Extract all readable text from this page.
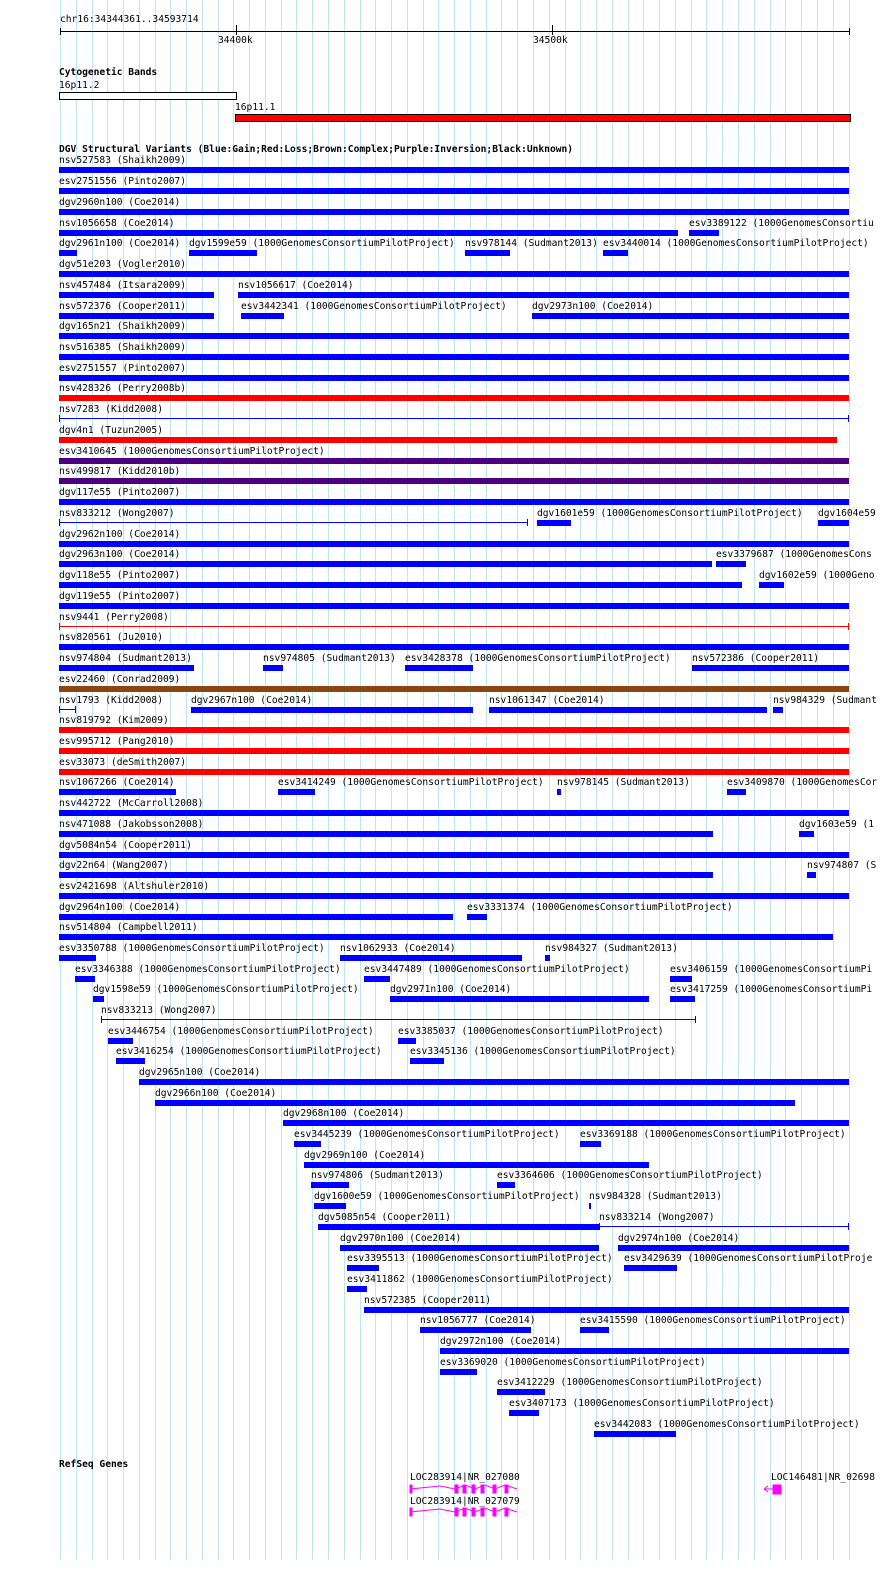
chr16:34344361..34593714
34400k	34500k
Cytogenetic Bands
16p11.2
16p11.1
DGV Structural Variants (Blue:Gain;Red:Loss;Brown:Complex;Purple:Inversion;Black:Unknown)
nsv527583 (Shaikh2009)
esv2751556 (Pinto2007)
dgv2960n100 (Coe2014)
nsv1056658 (Coe2014)	esv3389122 (1000GenomesConsortiu
dgv2961n100 (Coe2014) dgv1599e59 (1000GenomesConsortiumPilotProject) nsv978144 (Sudmant2013) esv3440014 (1000GenomesConsortiumPilotProject)
dgv51e203 (Vogler2010)
nsv457484 (Itsara2009)	nsv1056617 (Coe2014)
nsv572376 (Cooper2011)	esv3442341 (1000GenomesConsortiumPilotProject)	dgv2973n100 (Coe2014)
dgv165n21 (Shaikh2009)
nsv516385 (Shaikh2009)
esv2751557 (Pinto2007)
nsv428326 (Perry2008b)
nsv7283 (Kidd2008)
dgv4n1 (Tuzun2005)
esv3410645 (1000GenomesConsortiumPilotProject)
nsv499817 (Kidd2010b)
dgv117e55 (Pinto2007)
nsv833212 (Wong2007)	dgv1601e59 (1000GenomesConsortiumPilotProject) dgv1604e59
dgv2962n100 (Coe2014)
dgv2963n100 (Coe2014)	esv3379687 (1000GenomesCons
dgv118e55 (Pinto2007)	dgv1602e59 (1000Geno
dgv119e55 (Pinto2007)
nsv9441 (Perry2008)
nsv820561 (Ju2010)
nsv974804 (Sudmant2013)	nsv974805 (Sudmant2013) esv3428378 (1000GenomesConsortiumPilotProject) nsv572386 (Cooper2011)
esv22460 (Conrad2009)
nsv1793 (Kidd2008)	dgv2967n100 (Coe2014)	nsv1061347 (Coe2014)	nsv984329 (Sudmant
nsv819792 (Kim2009)
esv995712 (Pang2010)
esv33073 (deSmith2007)
nsv1067266 (Coe2014)	esv3414249 (1000GenomesConsortiumPilotProject) nsv978145 (Sudmant2013)	esv3409870 (1000GenomesCor
nsv442722 (McCarroll2008)
nsv471088 (Jakobsson2008)	dgv1603e59 (1
dgv5084n54 (Cooper2011)
dgv22n64 (Wang2007)	nsv974807 (S
esv2421698 (Altshuler2010)
dgv2964n100 (Coe2014)	esv3331374 (1000GenomesConsortiumPilotProject)
nsv514804 (Campbell2011)
esv3350788 (1000GenomesConsortiumPilotProject) nsv1062933 (Coe2014)	nsv984327 (Sudmant2013)
esv3346388 (1000GenomesConsortiumPilotProject) esv3447489 (1000GenomesConsortiumPilotProject)	esv3406159 (1000GenomesConsortiumPi
dgv1598e59 (1000GenomesConsortiumPilotProject)	dgv2971n100 (Coe2014)	esv3417259 (1000GenomesConsortiumPi
nsv833213 (Wong2007)
esv3446754 (1000GenomesConsortiumPilotProject)	esv3385037 (1000GenomesConsortiumPilotProject)
esv3416254 (1000GenomesConsortiumPilotProject)	esv3345136 (1000GenomesConsortiumPilotProject)
dgv2965n100 (Coe2014)
dgv2966n100 (Coe2014)
dgv2968n100 (Coe2014)
esv3445239 (1000GenomesConsortiumPilotProject) esv3369188 (1000GenomesConsortiumPilotProject)
dgv2969n100 (Coe2014)
nsv974806 (Sudmant2013)	esv3364606 (1000GenomesConsortiumPilotProject)
dgv1600e59 (1000GenomesConsortiumPilotProject) nsv984328 (Sudmant2013)
dgv5085n54 (Cooper2011)	nsv833214 (Wong2007)
dgv2970n100 (Coe2014)	dgv2974n100 (Coe2014)
esv3395513 (1000GenomesConsortiumPilotProject) esv3429639 (1000GenomesConsortiumPilotProje
esv3411862 (1000GenomesConsortiumPilotProject)
nsv572385 (Cooper2011)
nsv1056777 (Coe2014)	esv3415590 (1000GenomesConsortiumPilotProject)
dgv2972n100 (Coe2014)
esv3369020 (1000GenomesConsortiumPilotProject)
esv3412229 (1000GenomesConsortiumPilotProject)
esv3407173 (1000GenomesConsortiumPilotProject)
esv3442083 (1000GenomesConsortiumPilotProject)
RefSeq Genes
LOC283914|NR_027080
LOC283914|NR_027079
LOC146481|NR_02698
